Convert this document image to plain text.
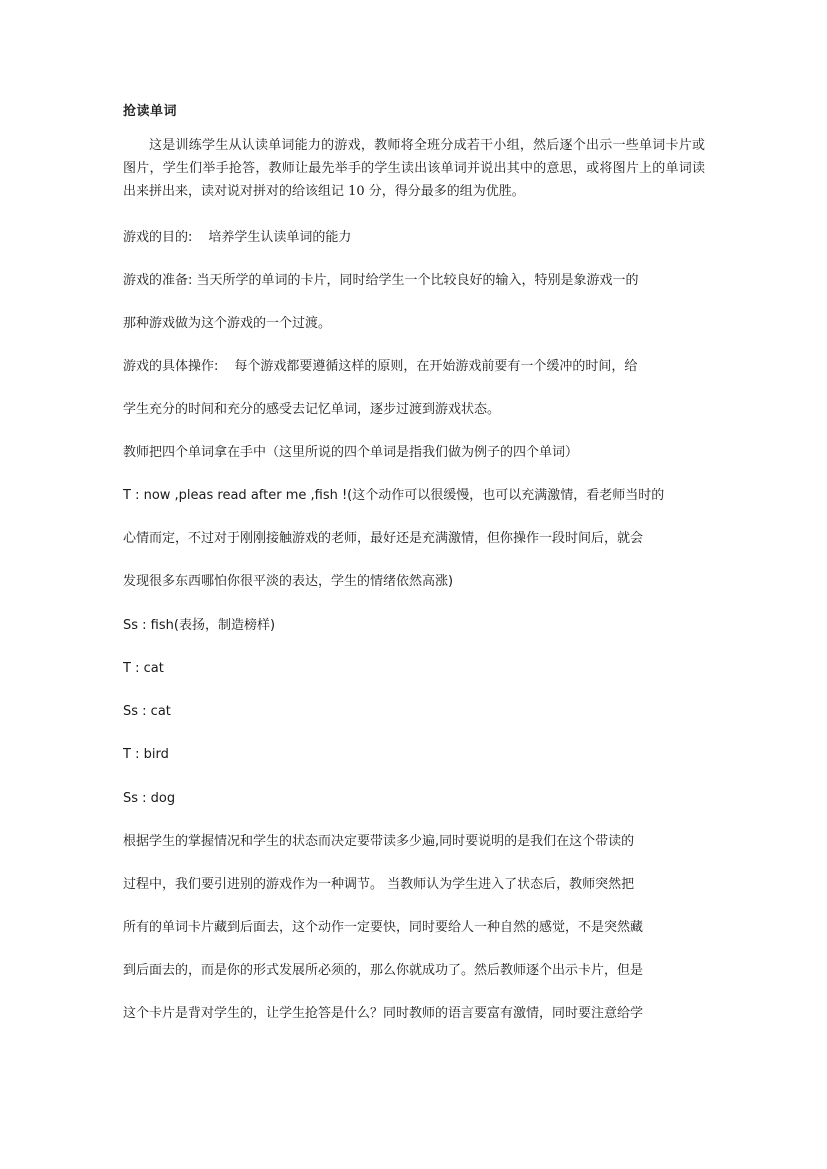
抢读单词

这是训练学生从认读单词能力的游戏，教师将全班分成若干小组，然后逐个出示一些单词卡片或图片，学生们举手抢答，教师让最先举手的学生读出该单词并说出其中的意思，或将图片上的单词读出来拼出来，读对说对拼对的给该组记 10 分，得分最多的组为优胜。

游戏的目的: 培养学生认读单词的能力

游戏的准备: 当天所学的单词的卡片，同时给学生一个比较良好的输入，特别是象游戏一的

那种游戏做为这个游戏的一个过渡。

游戏的具体操作: 每个游戏都要遵循这样的原则，在开始游戏前要有一个缓冲的时间，给

学生充分的时间和充分的感受去记忆单词，逐步过渡到游戏状态。

教师把四个单词拿在手中（这里所说的四个单词是指我们做为例子的四个单词）

T : now ,pleas read after me ,fish !(这个动作可以很缓慢，也可以充满激情，看老师当时的

心情而定，不过对于刚刚接触游戏的老师，最好还是充满激情，但你操作一段时间后，就会

发现很多东西哪怕你很平淡的表达，学生的情绪依然高涨)

Ss : fish(表扬，制造榜样)

T : cat

Ss : cat

T : bird

Ss : dog

根据学生的掌握情况和学生的状态而决定要带读多少遍,同时要说明的是我们在这个带读的

过程中，我们要引进别的游戏作为一种调节。 当教师认为学生进入了状态后，教师突然把

所有的单词卡片藏到后面去，这个动作一定要快，同时要给人一种自然的感觉，不是突然藏

到后面去的，而是你的形式发展所必须的，那么你就成功了。然后教师逐个出示卡片，但是

这个卡片是背对学生的，让学生抢答是什么？同时教师的语言要富有激情，同时要注意给学
